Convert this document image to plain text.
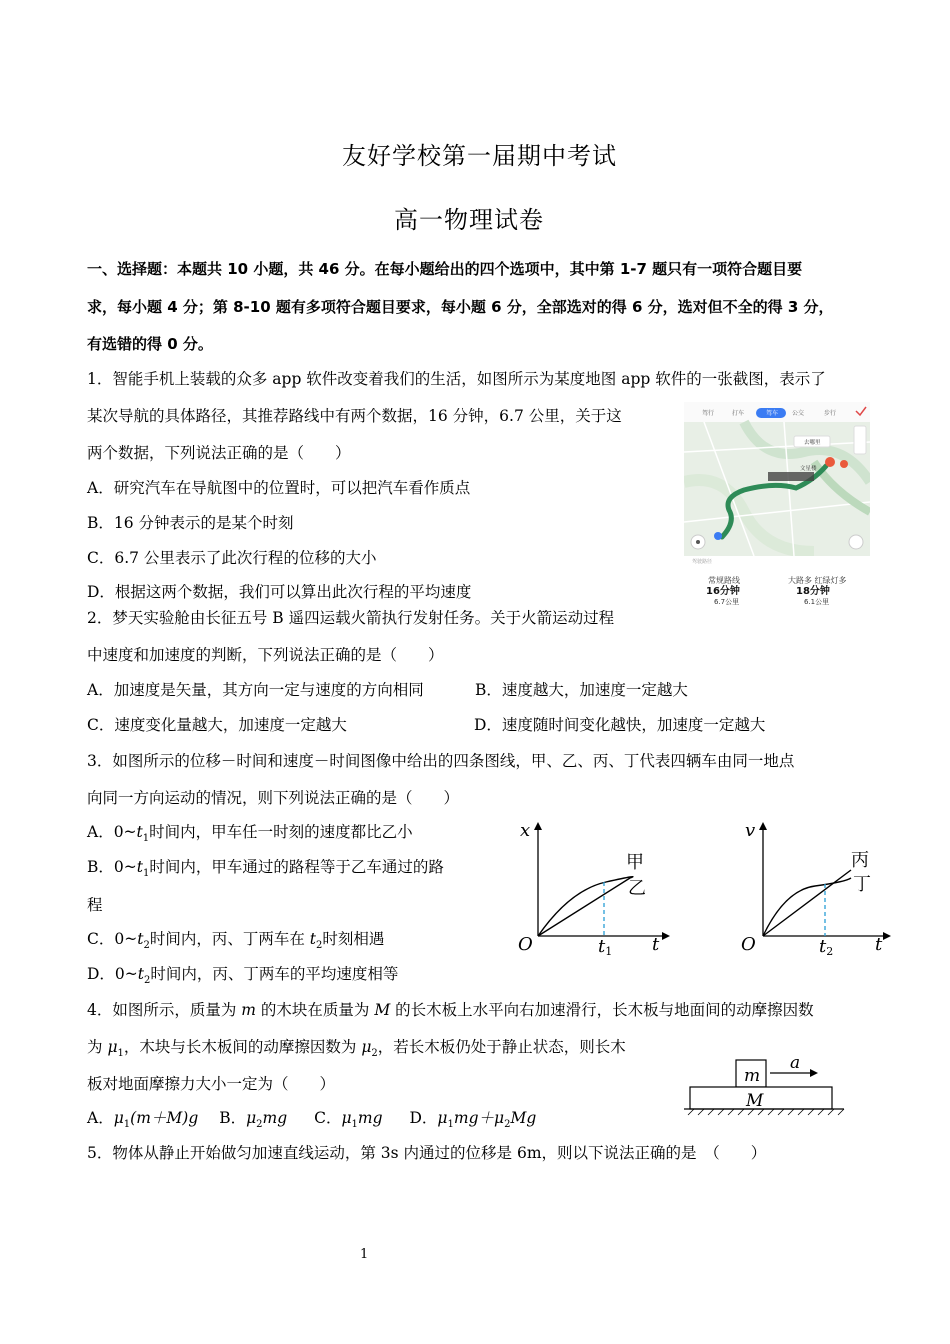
友好学校第一届期中考试
高一物理试卷
一、选择题：本题共 10 小题，共 46 分。在每小题给出的四个选项中，其中第 1-7 题只有一项符合题目要
求，每小题 4 分；第 8-10 题有多项符合题目要求，每小题 6 分，全部选对的得 6 分，选对但不全的得 3 分，
有选错的得 0 分。
1．智能手机上装载的众多 app 软件改变着我们的生活，如图所示为某度地图 app 软件的一张截图，表示了
某次导航的具体路径，其推荐路线中有两个数据，16 分钟，6.7 公里，关于这
两个数据，下列说法正确的是（　　）
A．研究汽车在导航图中的位置时，可以把汽车看作质点
B．16 分钟表示的是某个时刻
C．6.7 公里表示了此次行程的位移的大小
D．根据这两个数据，我们可以算出此次行程的平均速度
驾行	打车	驾车 公交	步行
去哪里
文星楼
驾驶路径
常规路线
16分钟
6.7公里
大路多 红绿灯多
18分钟
6.1公里
2．梦天实验舱由长征五号 B 遥四运载火箭执行发射任务。关于火箭运动过程
中速度和加速度的判断，下列说法正确的是（　　）
A．加速度是矢量，其方向一定与速度的方向相同	B．速度越大，加速度一定越大
C．速度变化量越大，加速度一定越大	D．速度随时间变化越快，加速度一定越大
3．如图所示的位移－时间和速度－时间图像中给出的四条图线，甲、乙、丙、丁代表四辆车由同一地点
向同一方向运动的情况，则下列说法正确的是（　　）
A．$0\sim t_1$时间内，甲车任一时刻的速度都比乙小
B．$0\sim t_1$时间内，甲车通过的路程等于乙车通过的路
程
C．$0\sim t_2$时间内，丙、丁两车在 $t_2$时刻相遇
D．$0\sim t_2$时间内，丙、丁两车的平均速度相等
x
t
O	t1
甲
乙
v
t
O	t2
丙
丁
4．如图所示，质量为 m 的木块在质量为 M 的长木板上水平向右加速滑行，长木板与地面间的动摩擦因数
为 $\mu_1$，木块与长木板间的动摩擦因数为 $\mu_2$，若长木板仍处于静止状态，则长木
板对地面摩擦力大小一定为（　　）
A．$\mu_1(m+M)g$ B．$\mu_2mg$ C．$\mu_1mg$ D．$\mu_1mg+\mu_2Mg$
m
a
M
5．物体从静止开始做匀加速直线运动，第 3s 内通过的位移是 6m，则以下说法正确的是　（　　）
1
